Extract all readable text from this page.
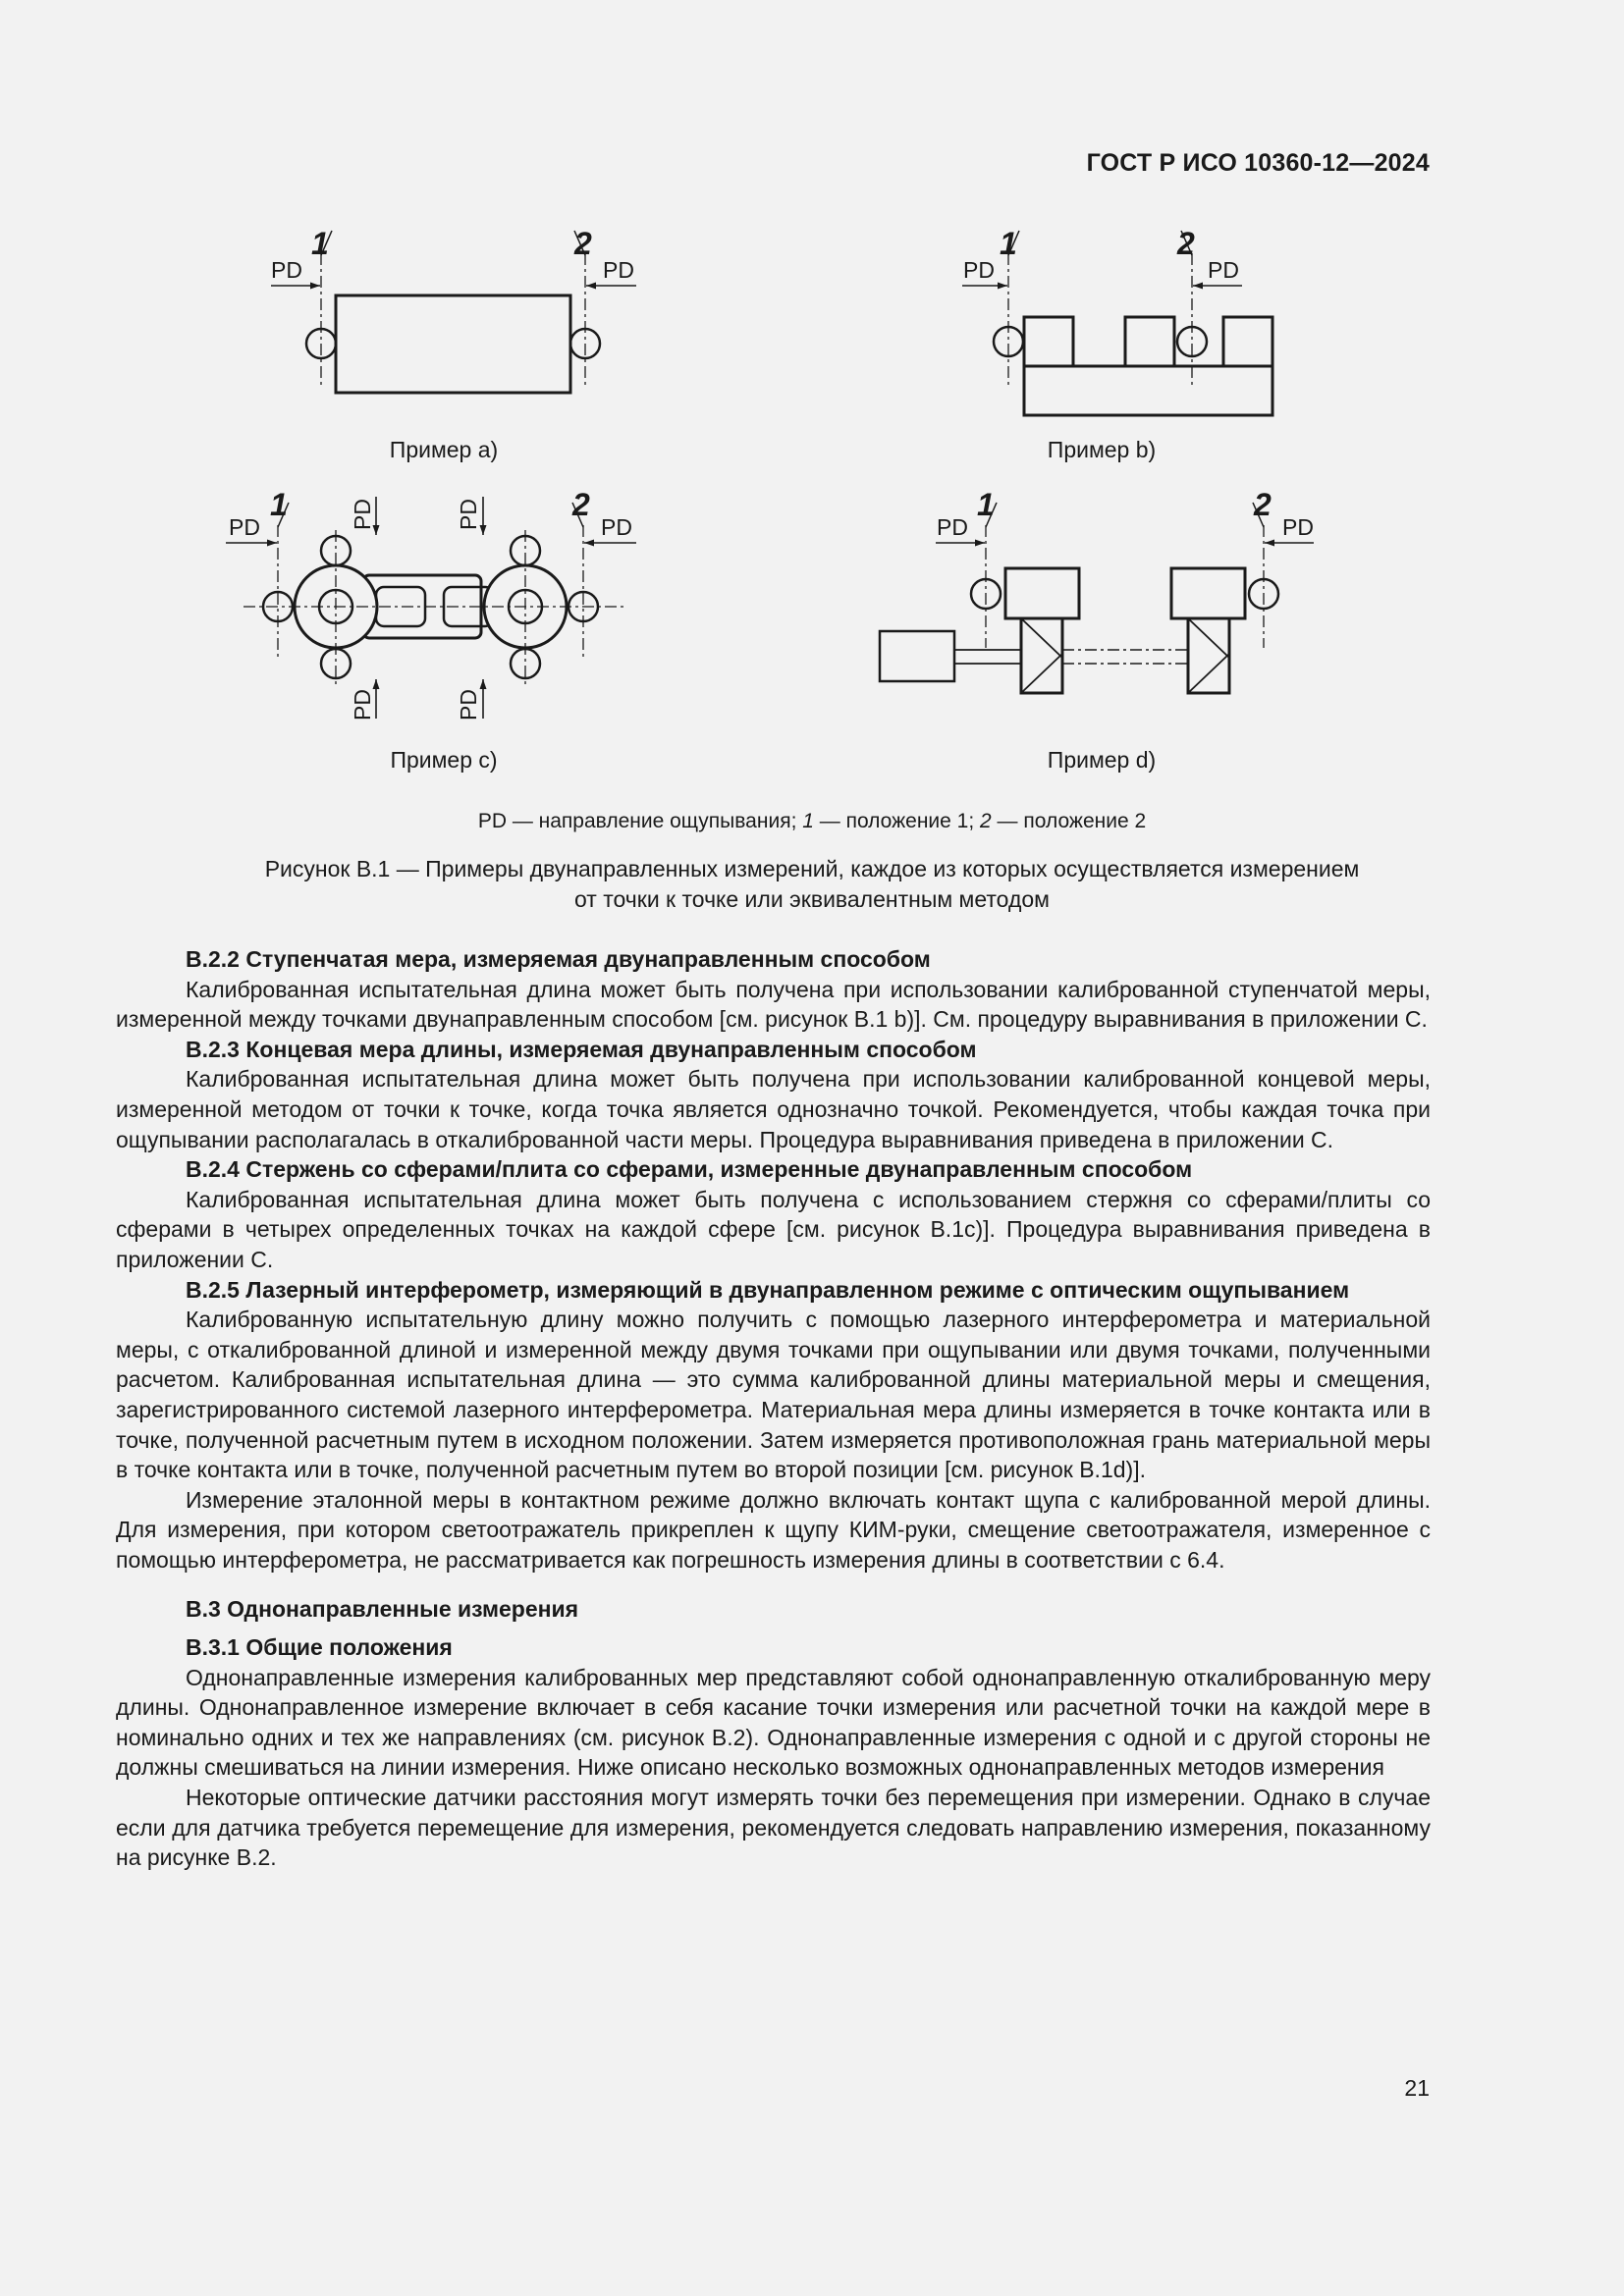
ГОСТ Р ИСО 10360-12—2024
PD	PD
1	2
PD	PD
1	2
PD	PD
PD	PD
PD	PD
1	2
PD	PD
1	2
Пример a)	Пример b)
Пример c)	Пример d)
PD — направление ощупывания; 1 — положение 1; 2 — положение 2
Рисунок B.1 — Примеры двунаправленных измерений, каждое из которых осуществляется измерением
от точки к точке или эквивалентным методом
B.2.2 Ступенчатая мера, измеряемая двунаправленным способом

Калиброванная испытательная длина может быть получена при использовании калиброванной ступенчатой меры, измеренной между точками двунаправленным способом [см. рисунок B.1 b)]. См. процедуру выравнивания в приложении С.

B.2.3 Концевая мера длины, измеряемая двунаправленным способом

Калиброванная испытательная длина может быть получена при использовании калиброванной концевой меры, измеренной методом от точки к точке, когда точка является однозначно точкой. Рекомендуется, чтобы каждая точка при ощупывании располагалась в откалиброванной части меры. Процедура выравнивания приведена в приложении С.

B.2.4 Стержень со сферами/плита со сферами, измеренные двунаправленным способом

Калиброванная испытательная длина может быть получена с использованием стержня со сферами/плиты со сферами в четырех определенных точках на каждой сфере [см. рисунок B.1c)]. Процедура выравнивания приведена в приложении С.

B.2.5 Лазерный интерферометр, измеряющий в двунаправленном режиме с оптическим ощупыванием

Калиброванную испытательную длину можно получить с помощью лазерного интерферометра и материальной меры, с откалиброванной длиной и измеренной между двумя точками при ощупывании или двумя точками, полученными расчетом. Калиброванная испытательная длина — это сумма калиброванной длины материальной меры и смещения, зарегистрированного системой лазерного интерферометра. Материальная мера длины измеряется в точке контакта или в точке, полученной расчетным путем в исходном положении. Затем измеряется противоположная грань материальной меры в точке контакта или в точке, полученной расчетным путем во второй позиции [см. рисунок B.1d)].

Измерение эталонной меры в контактном режиме должно включать контакт щупа с калиброванной мерой длины. Для измерения, при котором светоотражатель прикреплен к щупу КИМ-руки, смещение светоотражателя, измеренное с помощью интерферометра, не рассматривается как погрешность измерения длины в соответствии с 6.4.

B.3 Однонаправленные измерения
B.3.1 Общие положения

Однонаправленные измерения калиброванных мер представляют собой однонаправленную откалиброванную меру длины. Однонаправленное измерение включает в себя касание точки измерения или расчетной точки на каждой мере в номинально одних и тех же направлениях (см. рисунок B.2). Однонаправленные измерения с одной и с другой стороны не должны смешиваться на линии измерения. Ниже описано несколько возможных однонаправленных методов измерения

Некоторые оптические датчики расстояния могут измерять точки без перемещения при измерении. Однако в случае если для датчика требуется перемещение для измерения, рекомендуется следовать направлению измерения, показанному на рисунке B.2.

21
